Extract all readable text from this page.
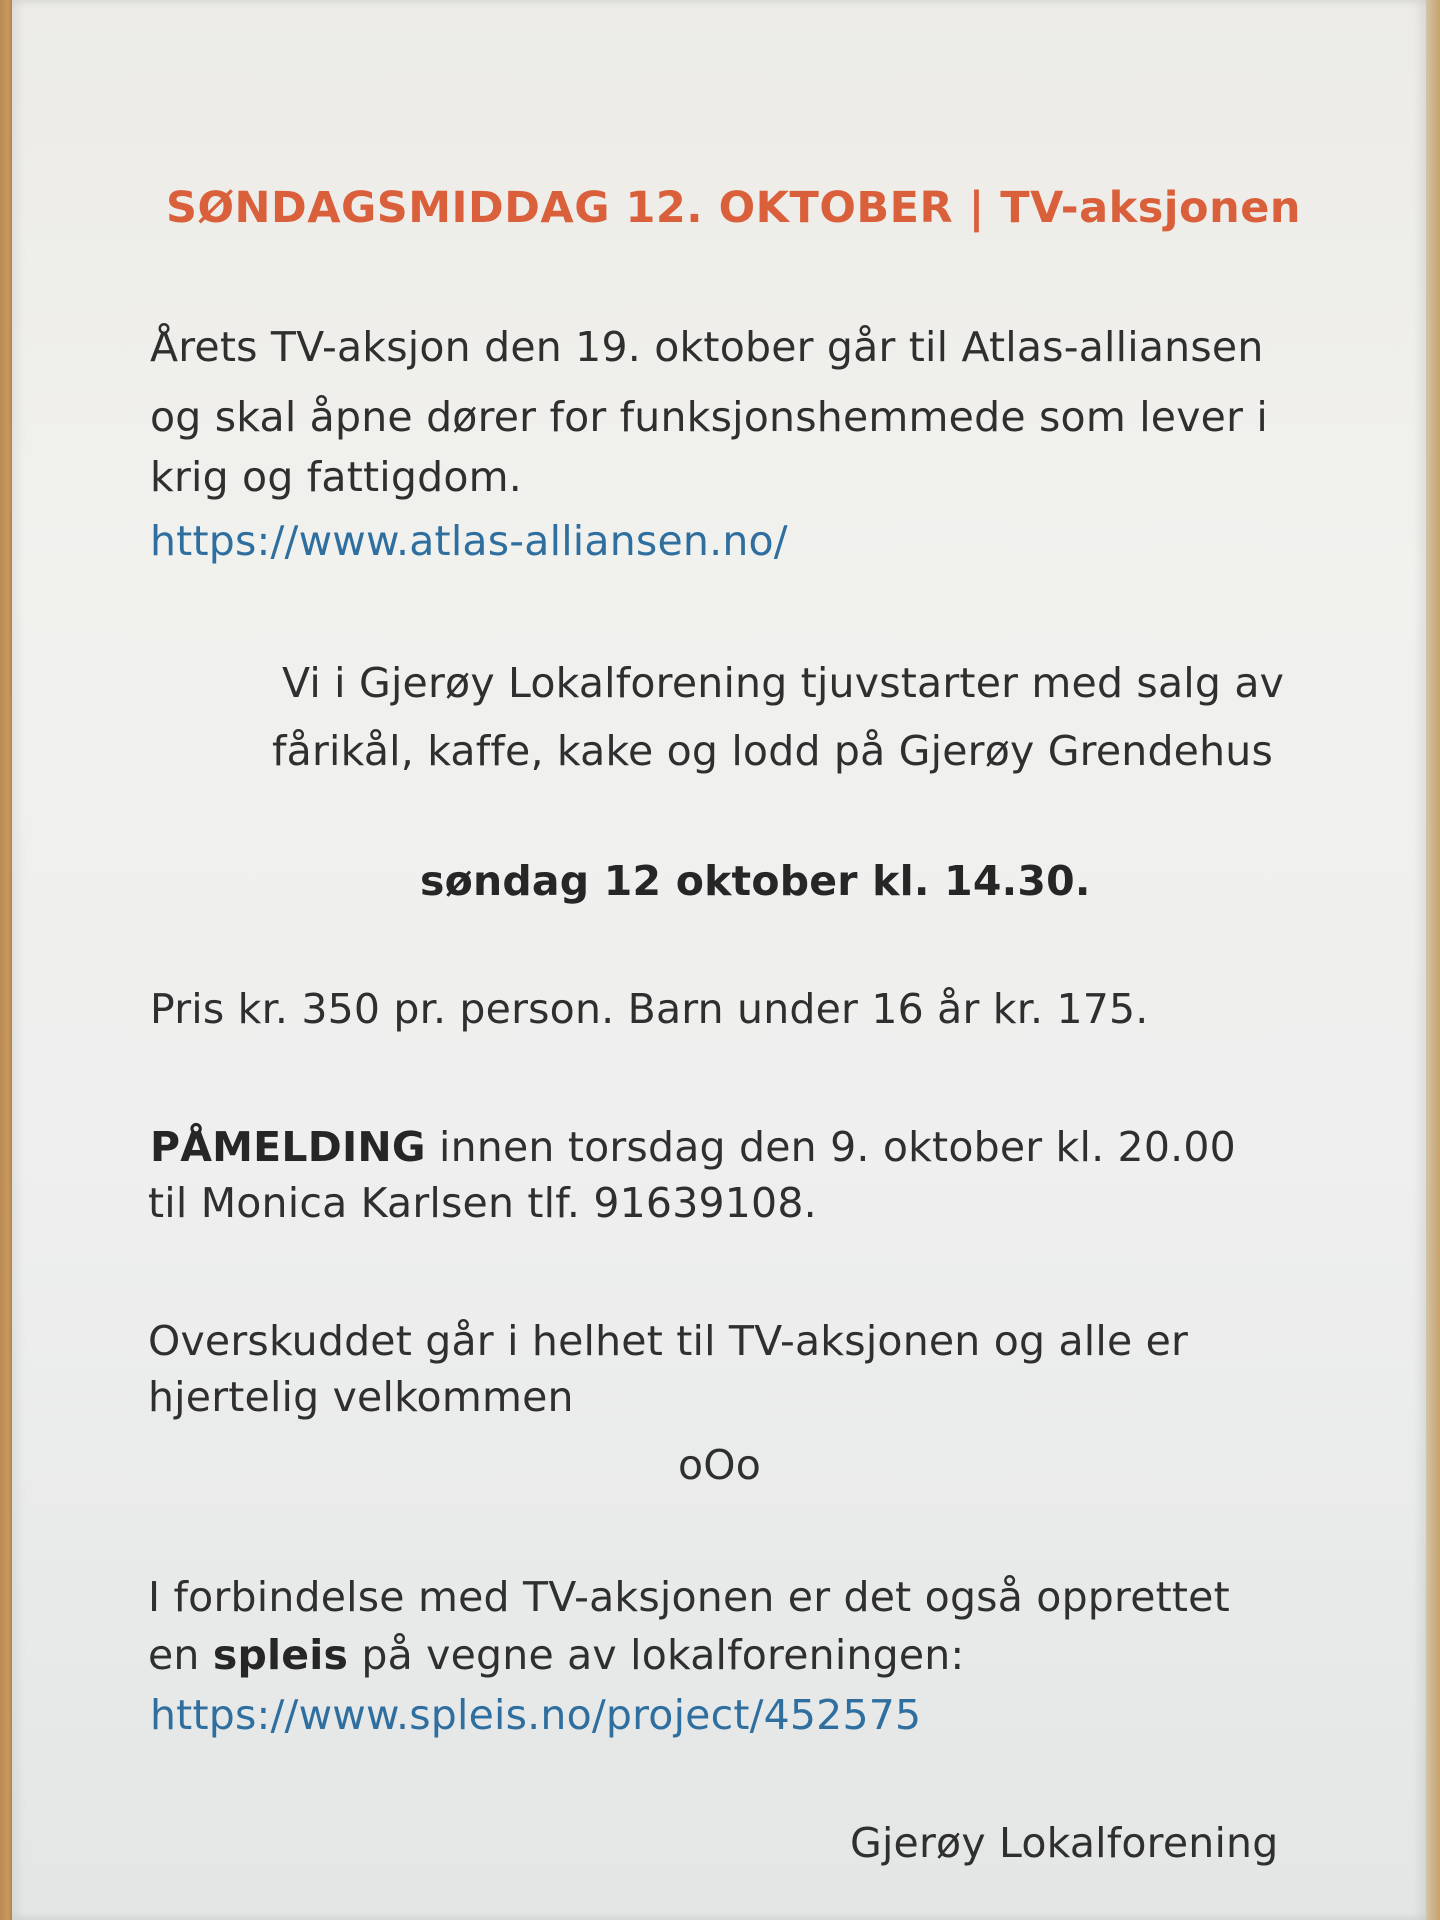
SØNDAGSMIDDAG 12. OKTOBER | TV-aksjonen
Årets TV-aksjon den 19. oktober går til Atlas-alliansen
og skal åpne dører for funksjonshemmede som lever i
krig og fattigdom.
https://www.atlas-alliansen.no/
Vi i Gjerøy Lokalforening tjuvstarter med salg av
fårikål, kaffe, kake og lodd på Gjerøy Grendehus
søndag 12 oktober kl. 14.30.
Pris kr. 350 pr. person. Barn under 16 år kr. 175.
PÅMELDING innen torsdag den 9. oktober kl. 20.00
til Monica Karlsen tlf. 91639108.
Overskuddet går i helhet til TV-aksjonen og alle er
hjertelig velkommen
oOo
I forbindelse med TV-aksjonen er det også opprettet
en spleis på vegne av lokalforeningen:
https://www.spleis.no/project/452575
Gjerøy Lokalforening
